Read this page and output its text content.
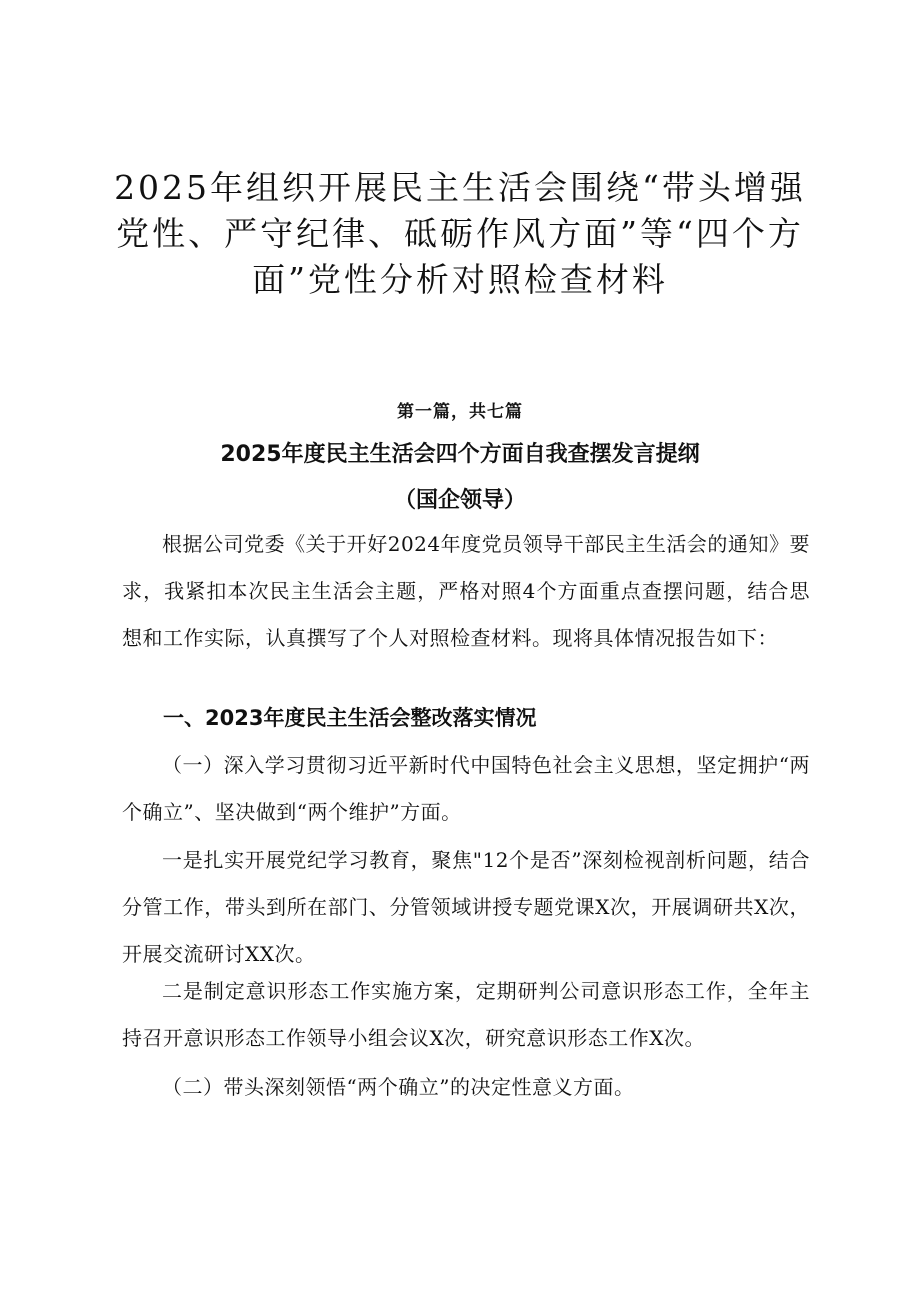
2025年组织开展民主生活会围绕“带头增强党性、严守纪律、砥砺作风方面”等“四个方面”党性分析对照检查材料

第一篇，共七篇

2025年度民主生活会四个方面自我查摆发言提纲
（国企领导）

根据公司党委《关于开好2024年度党员领导干部民主生活会的通知》要求，我紧扣本次民主生活会主题，严格对照4个方面重点查摆问题，结合思想和工作实际，认真撰写了个人对照检查材料。现将具体情况报告如下：

一、2023年度民主生活会整改落实情况

（一）深入学习贯彻习近平新时代中国特色社会主义思想，坚定拥护“两个确立”、坚决做到“两个维护”方面。

一是扎实开展党纪学习教育，聚焦"12个是否”深刻检视剖析问题，结合分管工作，带头到所在部门、分管领域讲授专题党课X次，开展调研共X次，开展交流研讨XX次。

二是制定意识形态工作实施方案，定期研判公司意识形态工作，全年主持召开意识形态工作领导小组会议X次，研究意识形态工作X次。

（二）带头深刻领悟“两个确立”的决定性意义方面。
